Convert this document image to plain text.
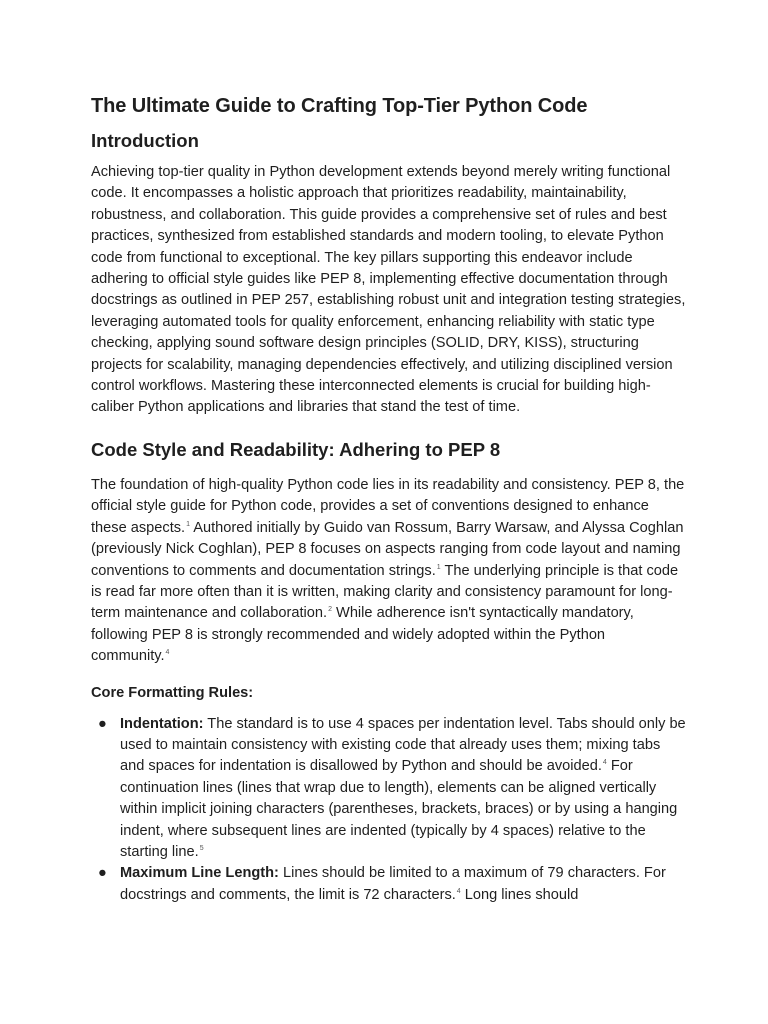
The Ultimate Guide to Crafting Top-Tier Python Code
Introduction

Achieving top-tier quality in Python development extends beyond merely writing functional code. It encompasses a holistic approach that prioritizes readability, maintainability, robustness, and collaboration. This guide provides a comprehensive set of rules and best practices, synthesized from established standards and modern tooling, to elevate Python code from functional to exceptional. The key pillars supporting this endeavor include adhering to official style guides like PEP 8, implementing effective documentation through docstrings as outlined in PEP 257, establishing robust unit and integration testing strategies, leveraging automated tools for quality enforcement, enhancing reliability with static type checking, applying sound software design principles (SOLID, DRY, KISS), structuring projects for scalability, managing dependencies effectively, and utilizing disciplined version control workflows. Mastering these interconnected elements is crucial for building high-caliber Python applications and libraries that stand the test of time.

Code Style and Readability: Adhering to PEP 8

The foundation of high-quality Python code lies in its readability and consistency. PEP 8, the official style guide for Python code, provides a set of conventions designed to enhance these aspects.$^1$ Authored initially by Guido van Rossum, Barry Warsaw, and Alyssa Coghlan (previously Nick Coghlan), PEP 8 focuses on aspects ranging from code layout and naming conventions to comments and documentation strings.$^1$ The underlying principle is that code is read far more often than it is written, making clarity and consistency paramount for long-term maintenance and collaboration.$^2$ While adherence isn't syntactically mandatory, following PEP 8 is strongly recommended and widely adopted within the Python community.$^4$

Core Formatting Rules:
● Indentation: The standard is to use 4 spaces per indentation level. Tabs should only be used to maintain consistency with existing code that already uses them; mixing tabs and spaces for indentation is disallowed by Python and should be avoided.$^4$ For continuation lines (lines that wrap due to length), elements can be aligned vertically within implicit joining characters (parentheses, brackets, braces) or by using a hanging indent, where subsequent lines are indented (typically by 4 spaces) relative to the starting line.$^5$
● Maximum Line Length: Lines should be limited to a maximum of 79 characters. For docstrings and comments, the limit is 72 characters.$^4$ Long lines should
